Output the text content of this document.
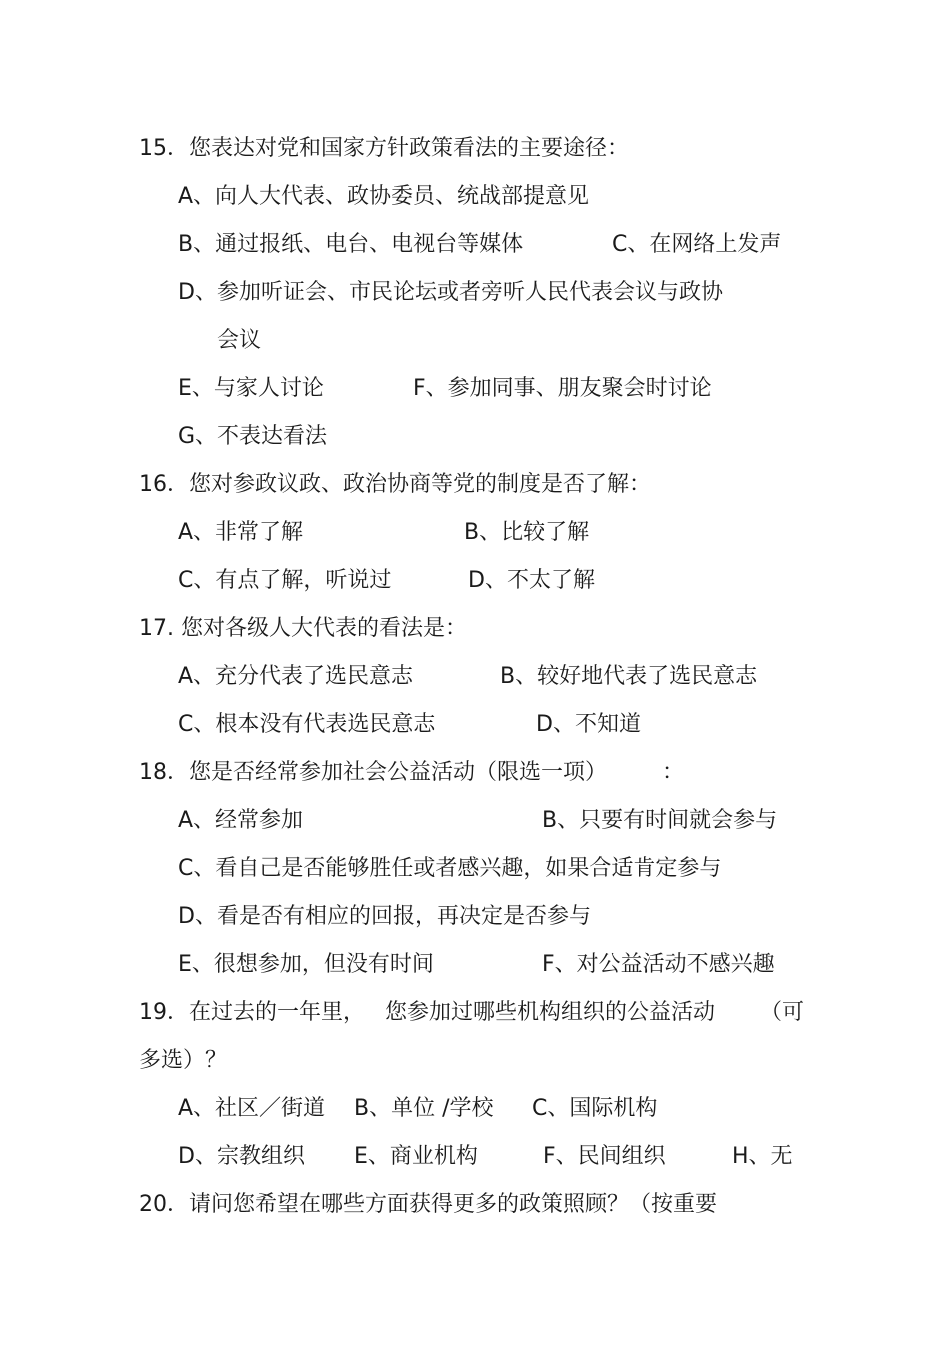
15．您表达对党和国家方针政策看法的主要途径：
A、向人大代表、政协委员、统战部提意见
B、通过报纸、电台、电视台等媒体	C、在网络上发声
D、参加听证会、市民论坛或者旁听人民代表会议与政协
会议
E、与家人讨论	F、参加同事、朋友聚会时讨论
G、不表达看法
16．您对参政议政、政治协商等党的制度是否了解：
A、非常了解	B、比较了解
C、有点了解，听说过	D、不太了解
17. 您对各级人大代表的看法是：
A、充分代表了选民意志	B、较好地代表了选民意志
C、根本没有代表选民意志	D、不知道
18．您是否经常参加社会公益活动（限选一项）	：
A、经常参加	B、只要有时间就会参与
C、看自己是否能够胜任或者感兴趣，如果合适肯定参与
D、看是否有相应的回报，再决定是否参与
E、很想参加，但没有时间	F、对公益活动不感兴趣
19．在过去的一年里， 您参加过哪些机构组织的公益活动 （可
多选）？
A、社区／街道 B、单位 /学校 C、国际机构
D、宗教组织 E、商业机构	F、民间组织	H、无
20．请问您希望在哪些方面获得更多的政策照顾？（按重要
